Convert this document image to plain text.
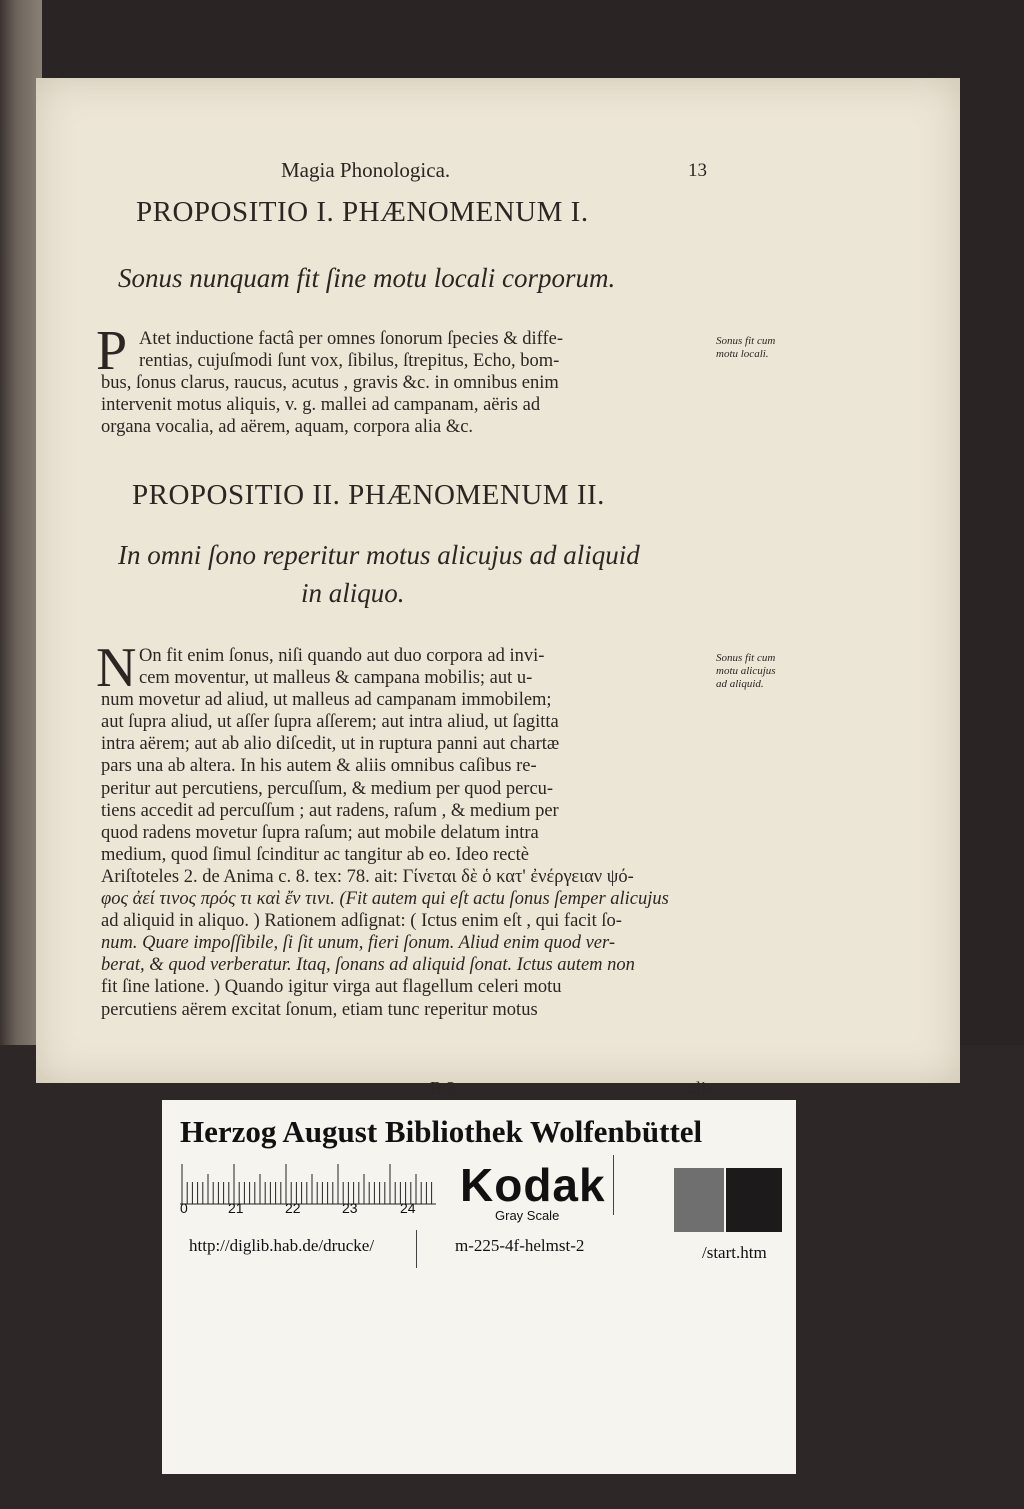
Magia Phonologica.	13
PROPOSITIO I. PHÆNOMENUM I.
Sonus nunquam fit ſine motu locali corporum.
P Atet inductione factâ per omnes ſonorum ſpecies & diffe-
rentias, cujuſmodi ſunt vox, ſibilus, ſtrepitus, Echo, bom-
bus, ſonus clarus, raucus, acutus , gravis &c. in omnibus enim
intervenit motus aliquis, v. g. mallei ad campanam, aëris ad
organa vocalia, ad aërem, aquam, corpora alia &c.
Sonus fit cum
motu locali.
PROPOSITIO II. PHÆNOMENUM II.
In omni ſono reperitur motus alicujus ad aliquid
in aliquo.
N On fit enim ſonus, niſi quando aut duo corpora ad invi-
cem moventur, ut malleus & campana mobilis; aut u-
num movetur ad aliud, ut malleus ad campanam immobilem;
aut ſupra aliud, ut aſſer ſupra aſſerem; aut intra aliud, ut ſagitta
intra aërem; aut ab alio diſcedit, ut in ruptura panni aut chartæ
pars una ab altera. In his autem & aliis omnibus caſibus re-
peritur aut percutiens, percuſſum, & medium per quod percu-
tiens accedit ad percuſſum ; aut radens, raſum , & medium per
quod radens movetur ſupra raſum; aut mobile delatum intra
medium, quod ſimul ſcinditur ac tangitur ab eo. Ideo rectè
Ariſtoteles 2. de Anima c. 8. tex: 78. ait: Γίνεται δὲ ὁ κατ' ἐνέργειαν ψό-
φος ἀεί τινος πρός τι καὶ ἔν τινι. (Fit autem qui eſt actu ſonus ſemper alicujus
ad aliquid in aliquo. ) Rationem adſignat: ( Ictus enim eſt , qui facit ſo-
num. Quare impoſſibile, ſi ſit unum, fieri ſonum. Aliud enim quod ver-
berat, & quod verberatur. Itaq, ſonans ad aliquid ſonat. Ictus autem non
fit ſine latione. ) Quando igitur virga aut flagellum celeri motu
percutiens aërem excitat ſonum, etiam tunc reperitur motus
Sonus fit cum
motu alicujus
ad aliquid.
B 3	ali-
Herzog August Bibliothek Wolfenbüttel
0	21	22	23	24 Kodak
Gray Scale
http://diglib.hab.de/drucke/	m-225-4f-helmst-2	/start.htm
